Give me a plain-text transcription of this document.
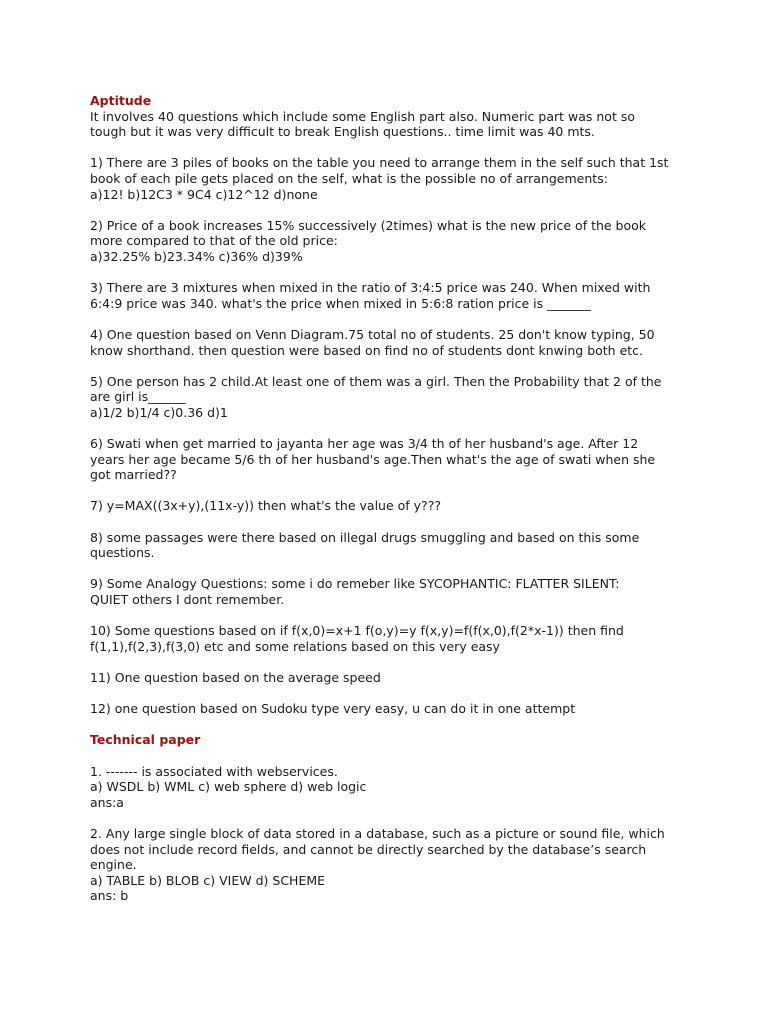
Aptitude

It involves 40 questions which include some English part also. Numeric part was not so
tough but it was very difficult to break English questions.. time limit was 40 mts.
1) There are 3 piles of books on the table you need to arrange them in the self such that 1st
book of each pile gets placed on the self, what is the possible no of arrangements:
a)12! b)12C3 * 9C4 c)12^12 d)none
2) Price of a book increases 15% successively (2times) what is the new price of the book
more compared to that of the old price:
a)32.25% b)23.34% c)36% d)39%
3) There are 3 mixtures when mixed in the ratio of 3:4:5 price was 240. When mixed with
6:4:9 price was 340. what's the price when mixed in 5:6:8 ration price is _______
4) One question based on Venn Diagram.75 total no of students. 25 don't know typing, 50
know shorthand. then question were based on find no of students dont knwing both etc.
5) One person has 2 child.At least one of them was a girl. Then the Probability that 2 of the
are girl is______
a)1/2 b)1/4 c)0.36 d)1
6) Swati when get married to jayanta her age was 3/4 th of her husband's age. After 12
years her age became 5/6 th of her husband's age.Then what's the age of swati when she
got married??
7) y=MAX((3x+y),(11x-y)) then what's the value of y???
8) some passages were there based on illegal drugs smuggling and based on this some
questions.
9) Some Analogy Questions: some i do remeber like SYCOPHANTIC: FLATTER SILENT:
QUIET others I dont remember.
10) Some questions based on if f(x,0)=x+1 f(o,y)=y f(x,y)=f(f(x,0),f(2*x-1)) then find
f(1,1),f(2,3),f(3,0) etc and some relations based on this very easy
11) One question based on the average speed
12) one question based on Sudoku type very easy, u can do it in one attempt

Technical paper

1. ------- is associated with webservices.
a) WSDL b) WML c) web sphere d) web logic
ans:a
2. Any large single block of data stored in a database, such as a picture or sound file, which
does not include record fields, and cannot be directly searched by the database’s search
engine.
a) TABLE b) BLOB c) VIEW d) SCHEME
ans: b
